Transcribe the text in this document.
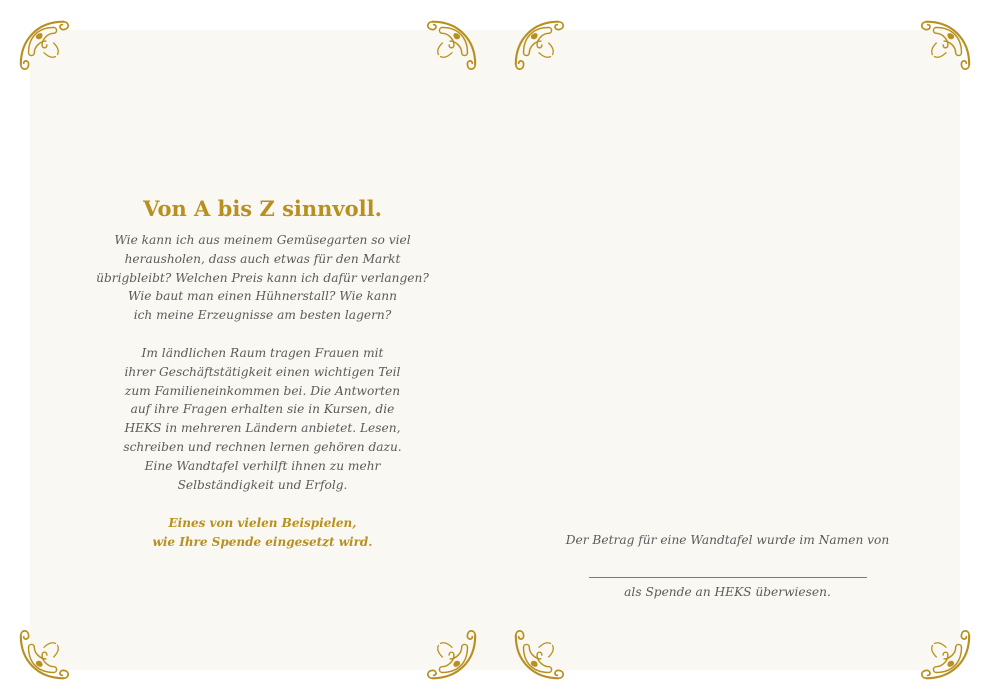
Von A bis Z sinnvoll.
Wie kann ich aus meinem Gemüsegarten so viel
herausholen, dass auch etwas für den Markt
übrigbleibt? Welchen Preis kann ich dafür verlangen?
Wie baut man einen Hühnerstall? Wie kann
ich meine Erzeugnisse am besten lagern?
Im ländlichen Raum tragen Frauen mit
ihrer Geschäftstätigkeit einen wichtigen Teil
zum Familieneinkommen bei. Die Antworten
auf ihre Fragen erhalten sie in Kursen, die
HEKS in mehreren Ländern anbietet. Lesen,
schreiben und rechnen lernen gehören dazu.
Eine Wandtafel verhilft ihnen zu mehr
Selbständigkeit und Erfolg.
Eines von vielen Beispielen,
wie Ihre Spende eingesetzt wird.	Der Betrag für eine Wandtafel wurde im Namen von
als Spende an HEKS überwiesen.
